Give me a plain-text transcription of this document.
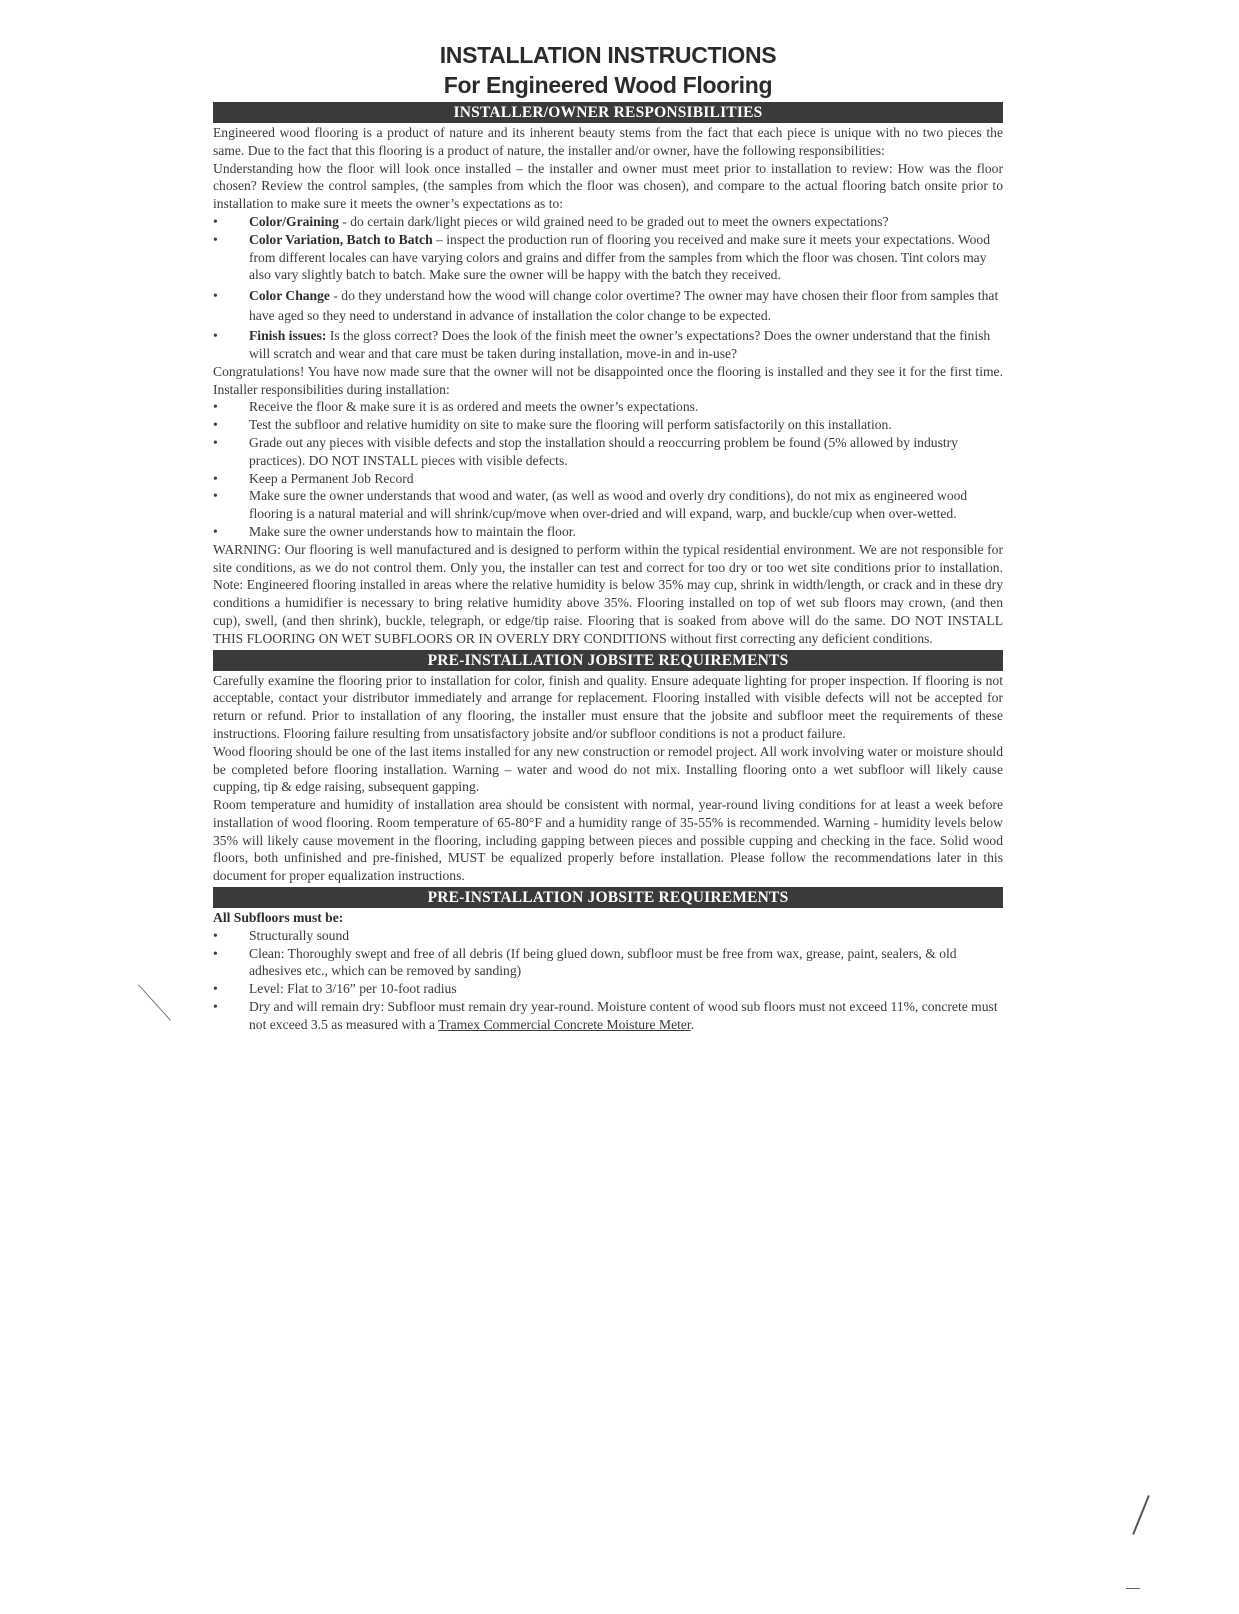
INSTALLATION INSTRUCTIONS
For Engineered Wood Flooring
INSTALLER/OWNER RESPONSIBILITIES

Engineered wood flooring is a product of nature and its inherent beauty stems from the fact that each piece is unique with no two pieces the same. Due to the fact that this flooring is a product of nature, the installer and/or owner, have the following responsibilities:

Understanding how the floor will look once installed – the installer and owner must meet prior to installation to review: How was the floor chosen? Review the control samples, (the samples from which the floor was chosen), and compare to the actual flooring batch onsite prior to installation to make sure it meets the owner’s expectations as to:

• Color/Graining - do certain dark/light pieces or wild grained need to be graded out to meet the owners expectations?
• Color Variation, Batch to Batch – inspect the production run of flooring you received and make sure it meets your expectations. Wood from different locales can have varying colors and grains and differ from the samples from which the floor was chosen. Tint colors may also vary slightly batch to batch. Make sure the owner will be happy with the batch they received.
• Color Change - do they understand how the wood will change color overtime? The owner may have chosen their floor from samples that have aged so they need to understand in advance of installation the color change to be expected.
• Finish issues: Is the gloss correct? Does the look of the finish meet the owner’s expectations? Does the owner understand that the finish will scratch and wear and that care must be taken during installation, move-in and in-use?

Congratulations! You have now made sure that the owner will not be disappointed once the flooring is installed and they see it for the first time. Installer responsibilities during installation:

• Receive the floor & make sure it is as ordered and meets the owner’s expectations.
• Test the subfloor and relative humidity on site to make sure the flooring will perform satisfactorily on this installation.
• Grade out any pieces with visible defects and stop the installation should a reoccurring problem be found (5% allowed by industry practices). DO NOT INSTALL pieces with visible defects.
• Keep a Permanent Job Record
• Make sure the owner understands that wood and water, (as well as wood and overly dry conditions), do not mix as engineered wood flooring is a natural material and will shrink/cup/move when over-dried and will expand, warp, and buckle/cup when over-wetted.
• Make sure the owner understands how to maintain the floor.

WARNING: Our flooring is well manufactured and is designed to perform within the typical residential environment. We are not responsible for site conditions, as we do not control them. Only you, the installer can test and correct for too dry or too wet site conditions prior to installation. Note: Engineered flooring installed in areas where the relative humidity is below 35% may cup, shrink in width/length, or crack and in these dry conditions a humidifier is necessary to bring relative humidity above 35%. Flooring installed on top of wet sub floors may crown, (and then cup), swell, (and then shrink), buckle, telegraph, or edge/tip raise. Flooring that is soaked from above will do the same. DO NOT INSTALL THIS FLOORING ON WET SUBFLOORS OR IN OVERLY DRY CONDITIONS without first correcting any deficient conditions.

PRE-INSTALLATION JOBSITE REQUIREMENTS

Carefully examine the flooring prior to installation for color, finish and quality. Ensure adequate lighting for proper inspection. If flooring is not acceptable, contact your distributor immediately and arrange for replacement. Flooring installed with visible defects will not be accepted for return or refund. Prior to installation of any flooring, the installer must ensure that the jobsite and subfloor meet the requirements of these instructions. Flooring failure resulting from unsatisfactory jobsite and/or subfloor conditions is not a product failure.

Wood flooring should be one of the last items installed for any new construction or remodel project. All work involving water or moisture should be completed before flooring installation. Warning – water and wood do not mix. Installing flooring onto a wet subfloor will likely cause cupping, tip & edge raising, subsequent gapping.

Room temperature and humidity of installation area should be consistent with normal, year-round living conditions for at least a week before installation of wood flooring. Room temperature of 65-80°F and a humidity range of 35-55% is recommended. Warning - humidity levels below 35% will likely cause movement in the flooring, including gapping between pieces and possible cupping and checking in the face. Solid wood floors, both unfinished and pre-finished, MUST be equalized properly before installation. Please follow the recommendations later in this document for proper equalization instructions.

PRE-INSTALLATION JOBSITE REQUIREMENTS

All Subfloors must be:

• Structurally sound
• Clean: Thoroughly swept and free of all debris (If being glued down, subfloor must be free from wax, grease, paint, sealers, & old adhesives etc., which can be removed by sanding)
• Level: Flat to 3/16” per 10-foot radius
• Dry and will remain dry: Subfloor must remain dry year-round. Moisture content of wood sub floors must not exceed 11%, concrete must not exceed 3.5 as measured with a Tramex Commercial Concrete Moisture Meter.
